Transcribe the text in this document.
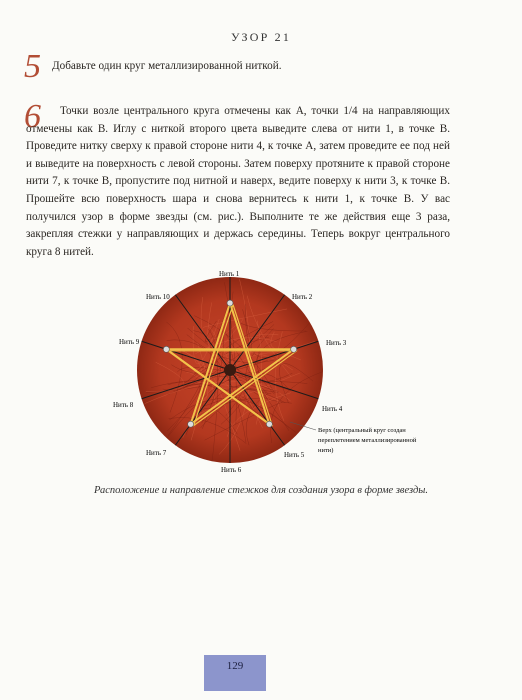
УЗОР 21
5 Добавьте один круг металлизированной ниткой.
6	Точки возле центрального круга отмечены как А, точки 1/4 на направляющих отмечены как В. Иглу с ниткой второго цвета выведите слева от нити 1, в точке В. Проведите нитку сверху к правой стороне нити 4, к точке А, затем проведите ее под ней и выведите на поверхность с левой стороны. Затем поверху протяните к правой стороне нити 7, к точке В, пропустите под нитной и наверх, ведите поверху к нити 3, к точке В. Прошейте всю поверхность шара и снова вернитесь к нити 1, к точке В. У вас получился узор в форме звезды (см. рис.). Выполните те же действия еще 3 раза, закрепляя стежки у направляющих и держась середины. Теперь вокруг центрального круга 8 нитей.

Нить 1
Нить 2
Нить 3
Нить 4
Нить 5
Нить 6
Нить 7
Нить 8
Нить 9
Нить 10
Верх (центральный круг создан
переплетением металлизированной
нити)
Расположение и направление стежков для создания узора в форме звезды.
129
